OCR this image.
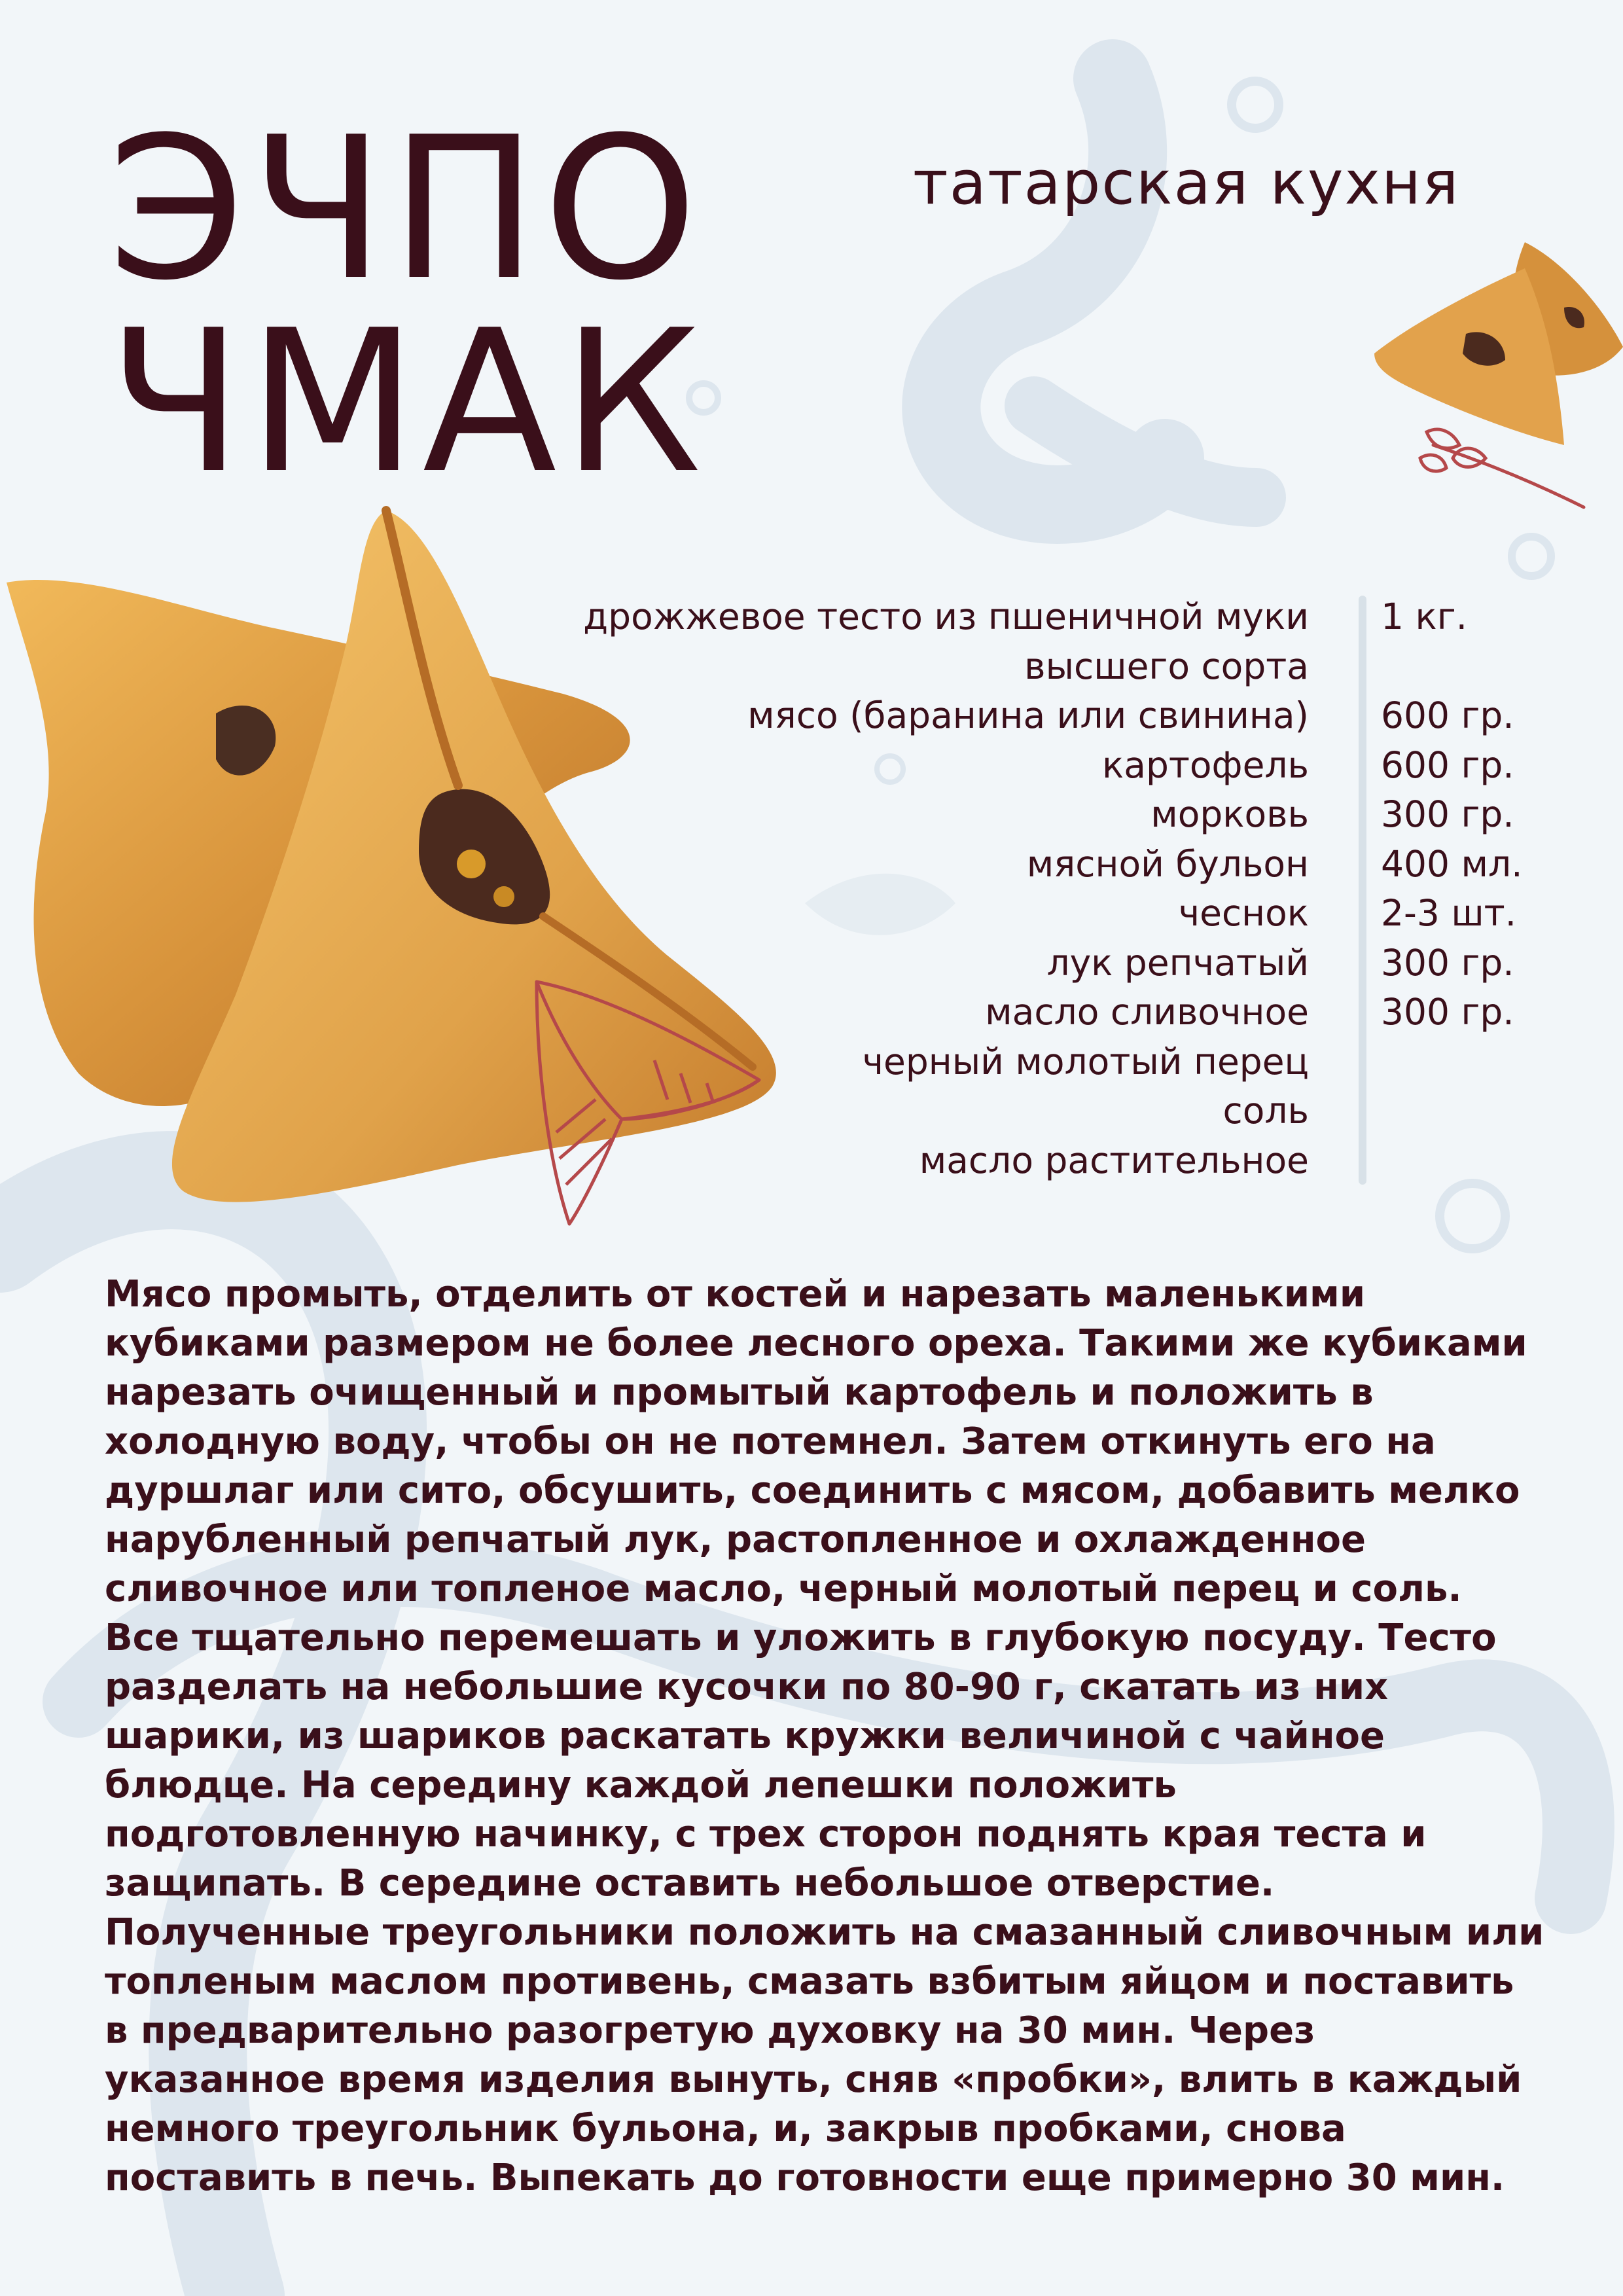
ЭЧПО
ЧМАК
татарская кухня
дрожжевое тесто из пшеничной муки	1 кг.
высшего сорта
мясо (баранина или свинина)	600 гр.
картофель	600 гр.
морковь	300 гр.
мясной бульон	400 мл.
чеснок	2-3 шт.
лук репчатый	300 гр.
масло сливочное	300 гр.
черный молотый перец
соль
масло растительное

Мясо промыть, отделить от костей и нарезать маленькими кубиками размером не более лесного ореха. Такими же кубиками нарезать очищенный и промытый картофель и положить в холодную воду, чтобы он не потемнел. Затем откинуть его на дуршлаг или сито, обсушить, соединить с мясом, добавить мелко нарубленный репчатый лук, растопленное и охлажденное сливочное или топленое масло, черный молотый перец и соль. Все тщательно перемешать и уложить в глубокую посуду. Тесто разделать на небольшие кусочки по 80-90 г, скатать из них шарики, из шариков раскатать кружки величиной с чайное блюдце. На середину каждой лепешки положить подготовленную начинку, с трех сторон поднять края теста и защипать. В середине оставить небольшое отверстие. Полученные треугольники положить на смазанный сливочным или топленым маслом противень, смазать взбитым яйцом и поставить в предварительно разогретую духовку на 30 мин. Через указанное время изделия вынуть, сняв «пробки», влить в каждый немного треугольник бульона, и, закрыв пробками, снова поставить в печь. Выпекать до готовности еще примерно 30 мин.
